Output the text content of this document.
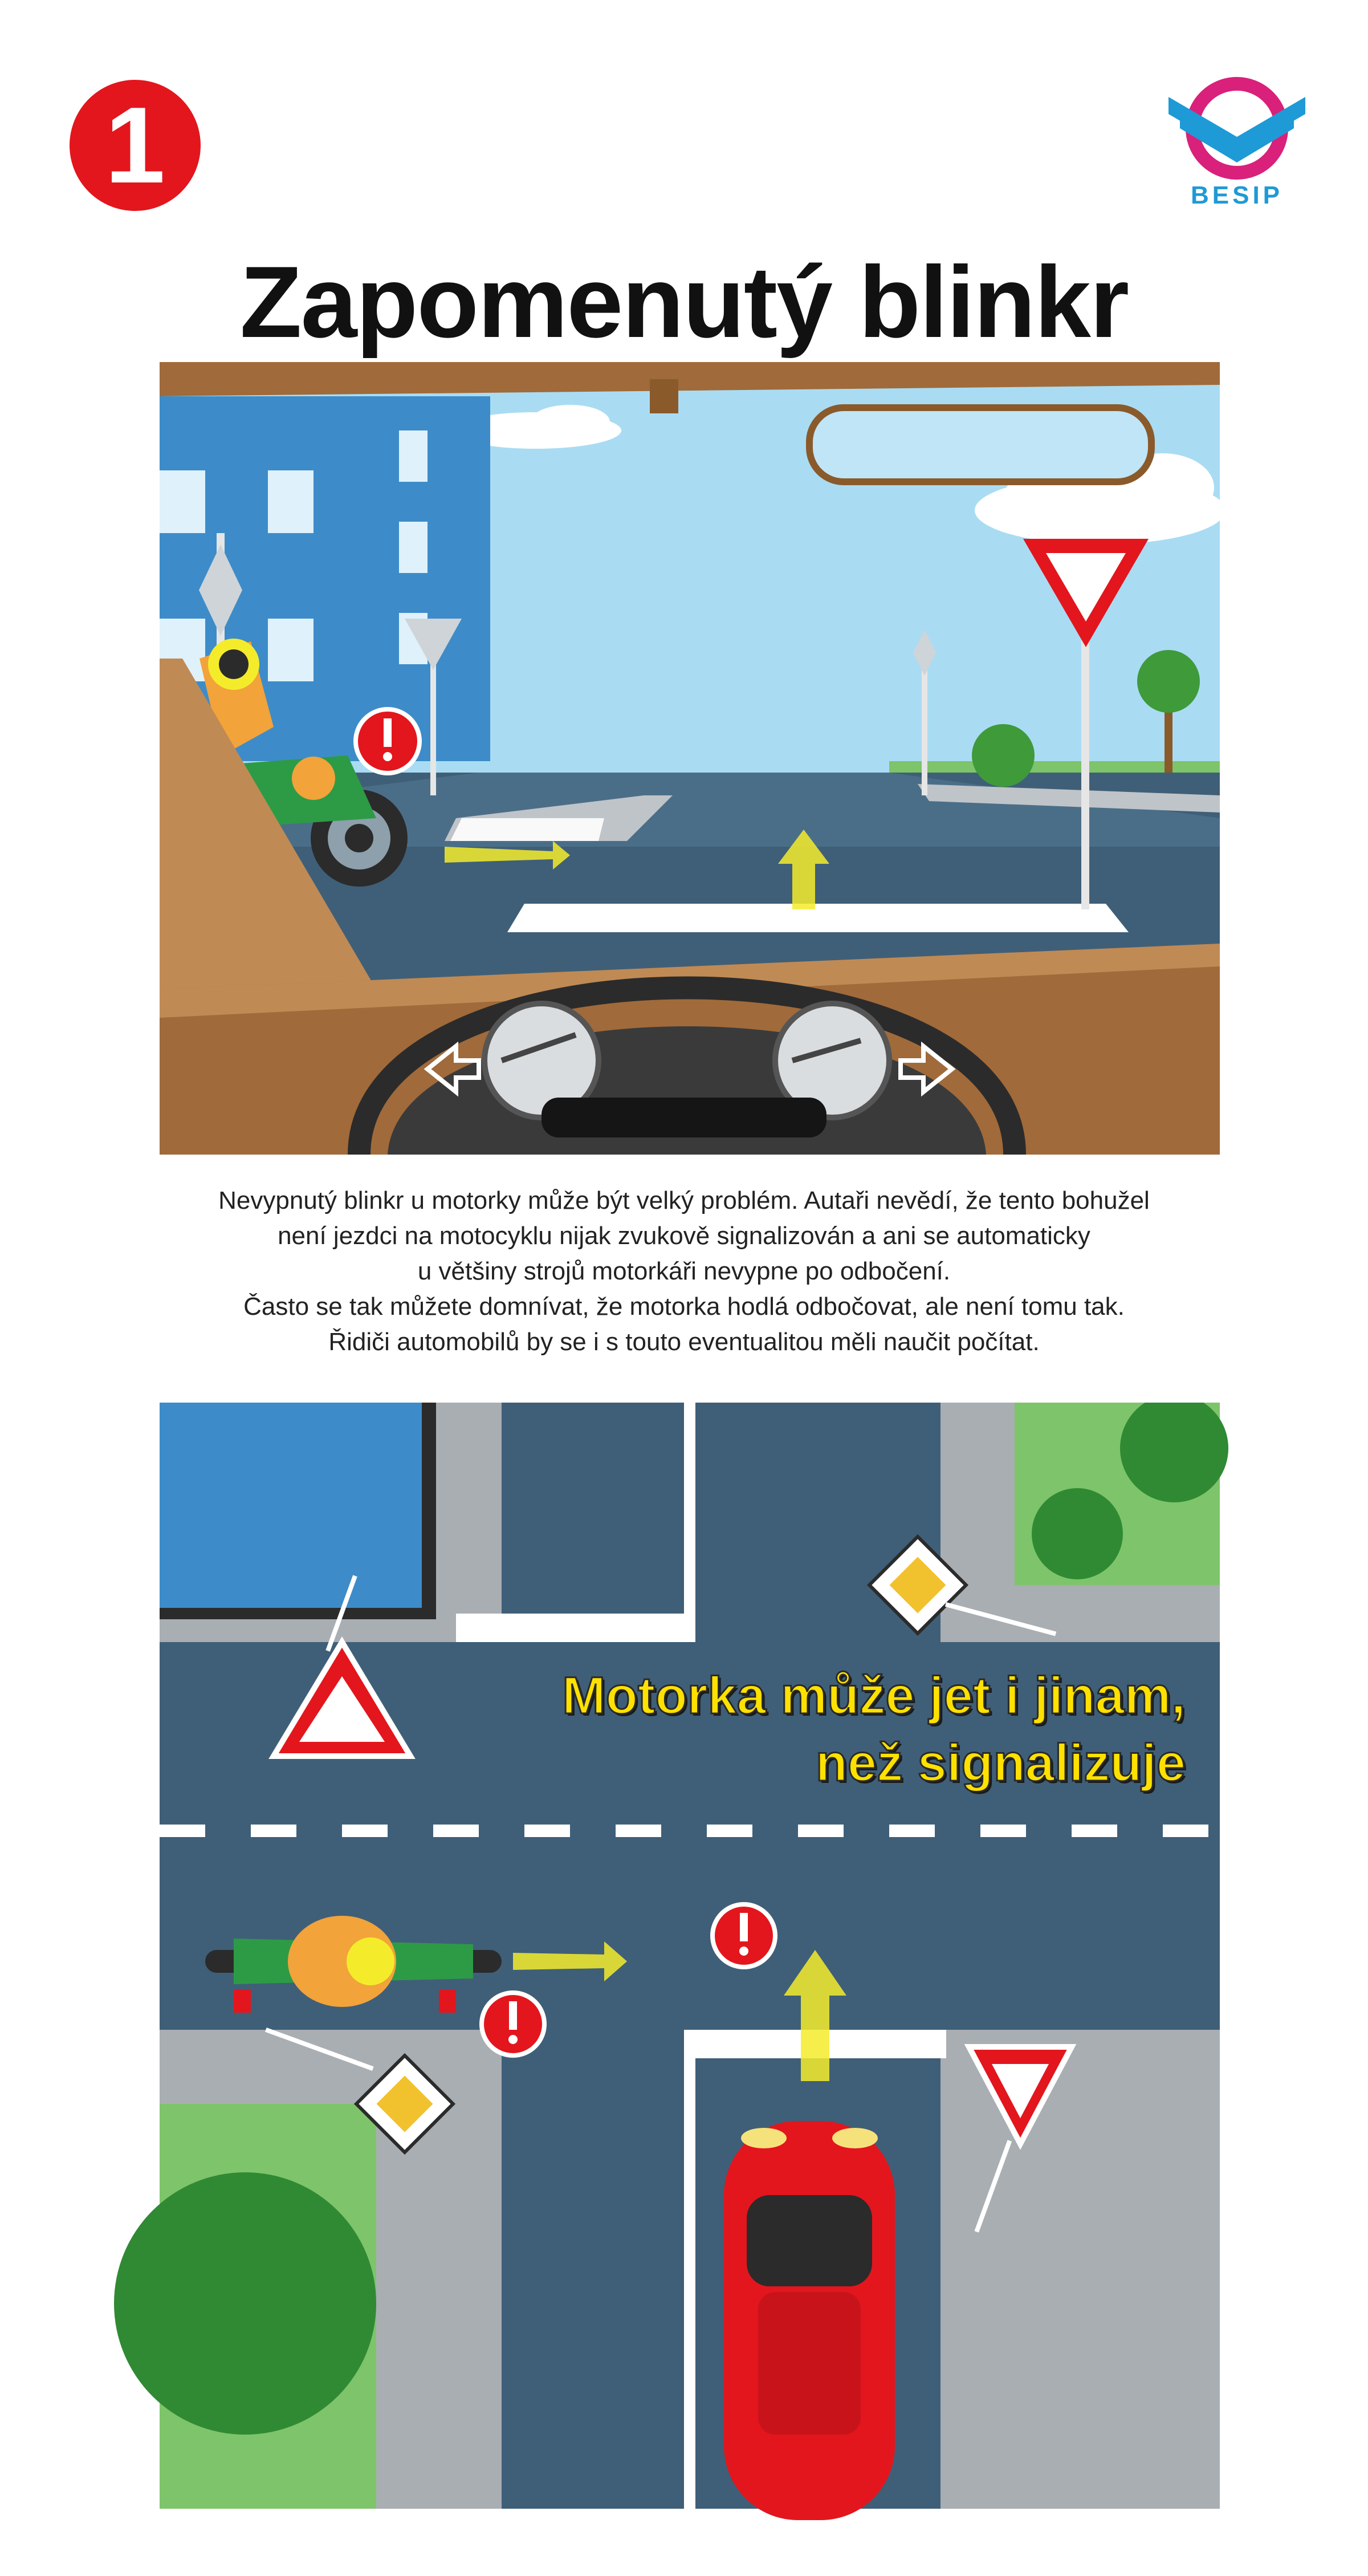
1	BESIP
Zapomenutý blinkr
Nevypnutý blinkr u motorky může být velký problém. Autaři nevědí, že tento bohužel
není jezdci na motocyklu nijak zvukově signalizován a ani se automaticky
u většiny strojů motorkáři nevypne po odbočení.
Často se tak můžete domnívat, že motorka hodlá odbočovat, ale není tomu tak.
Řidiči automobilů by se i s touto eventualitou měli naučit počítat.
Motorka může jet i jinam,
než signalizuje
